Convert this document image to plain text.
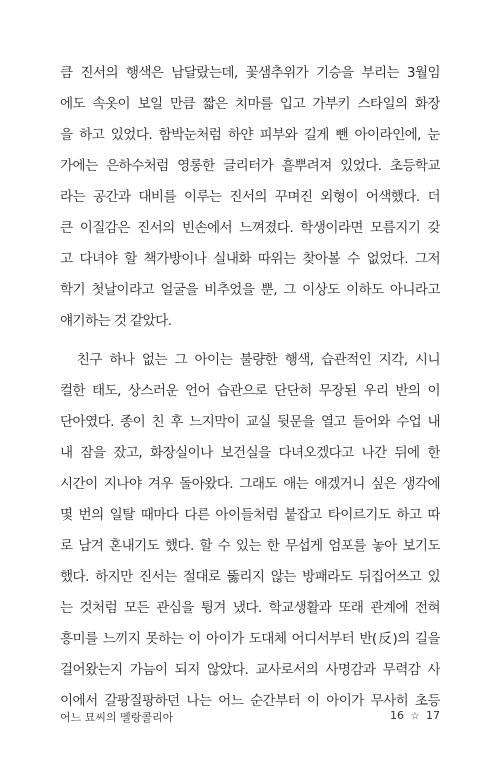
큼 진서의 행색은 남달랐는데, 꽃샘추위가 기승을 부리는 3월임
에도 속옷이 보일 만큼 짧은 치마를 입고 가부키 스타일의 화장
을 하고 있었다. 함박눈처럼 하얀 피부와 길게 뺀 아이라인에, 눈
가에는 은하수처럼 영롱한 글리터가 흩뿌려져 있었다. 초등학교
라는 공간과 대비를 이루는 진서의 꾸며진 외형이 어색했다. 더
큰 이질감은 진서의 빈손에서 느껴졌다. 학생이라면 모름지기 갖
고 다녀야 할 책가방이나 실내화 따위는 찾아볼 수 없었다. 그저
학기 첫날이라고 얼굴을 비추었을 뿐, 그 이상도 이하도 아니라고
얘기하는 것 같았다.
　친구 하나 없는 그 아이는 불량한 행색, 습관적인 지각, 시니
컬한 태도, 상스러운 언어 습관으로 단단히 무장된 우리 반의 이
단아였다. 종이 친 후 느지막이 교실 뒷문을 열고 들어와 수업 내
내 잠을 잤고, 화장실이나 보건실을 다녀오겠다고 나간 뒤에 한
시간이 지나야 겨우 돌아왔다. 그래도 애는 애겠거니 싶은 생각에
몇 번의 일탈 때마다 다른 아이들처럼 붙잡고 타이르기도 하고 따
로 남겨 혼내기도 했다. 할 수 있는 한 무섭게 엄포를 놓아 보기도
했다. 하지만 진서는 절대로 뚫리지 않는 방패라도 뒤집어쓰고 있
는 것처럼 모든 관심을 튕겨 냈다. 학교생활과 또래 관계에 전혀
흥미를 느끼지 못하는 이 아이가 도대체 어디서부터 반(反)의 길을
걸어왔는지 가늠이 되지 않았다. 교사로서의 사명감과 무력감 사
이에서 갈팡질팡하던 나는 어느 순간부터 이 아이가 무사히 초등
어느 묘씨의 멜랑콜리아	16 ☆ 17
